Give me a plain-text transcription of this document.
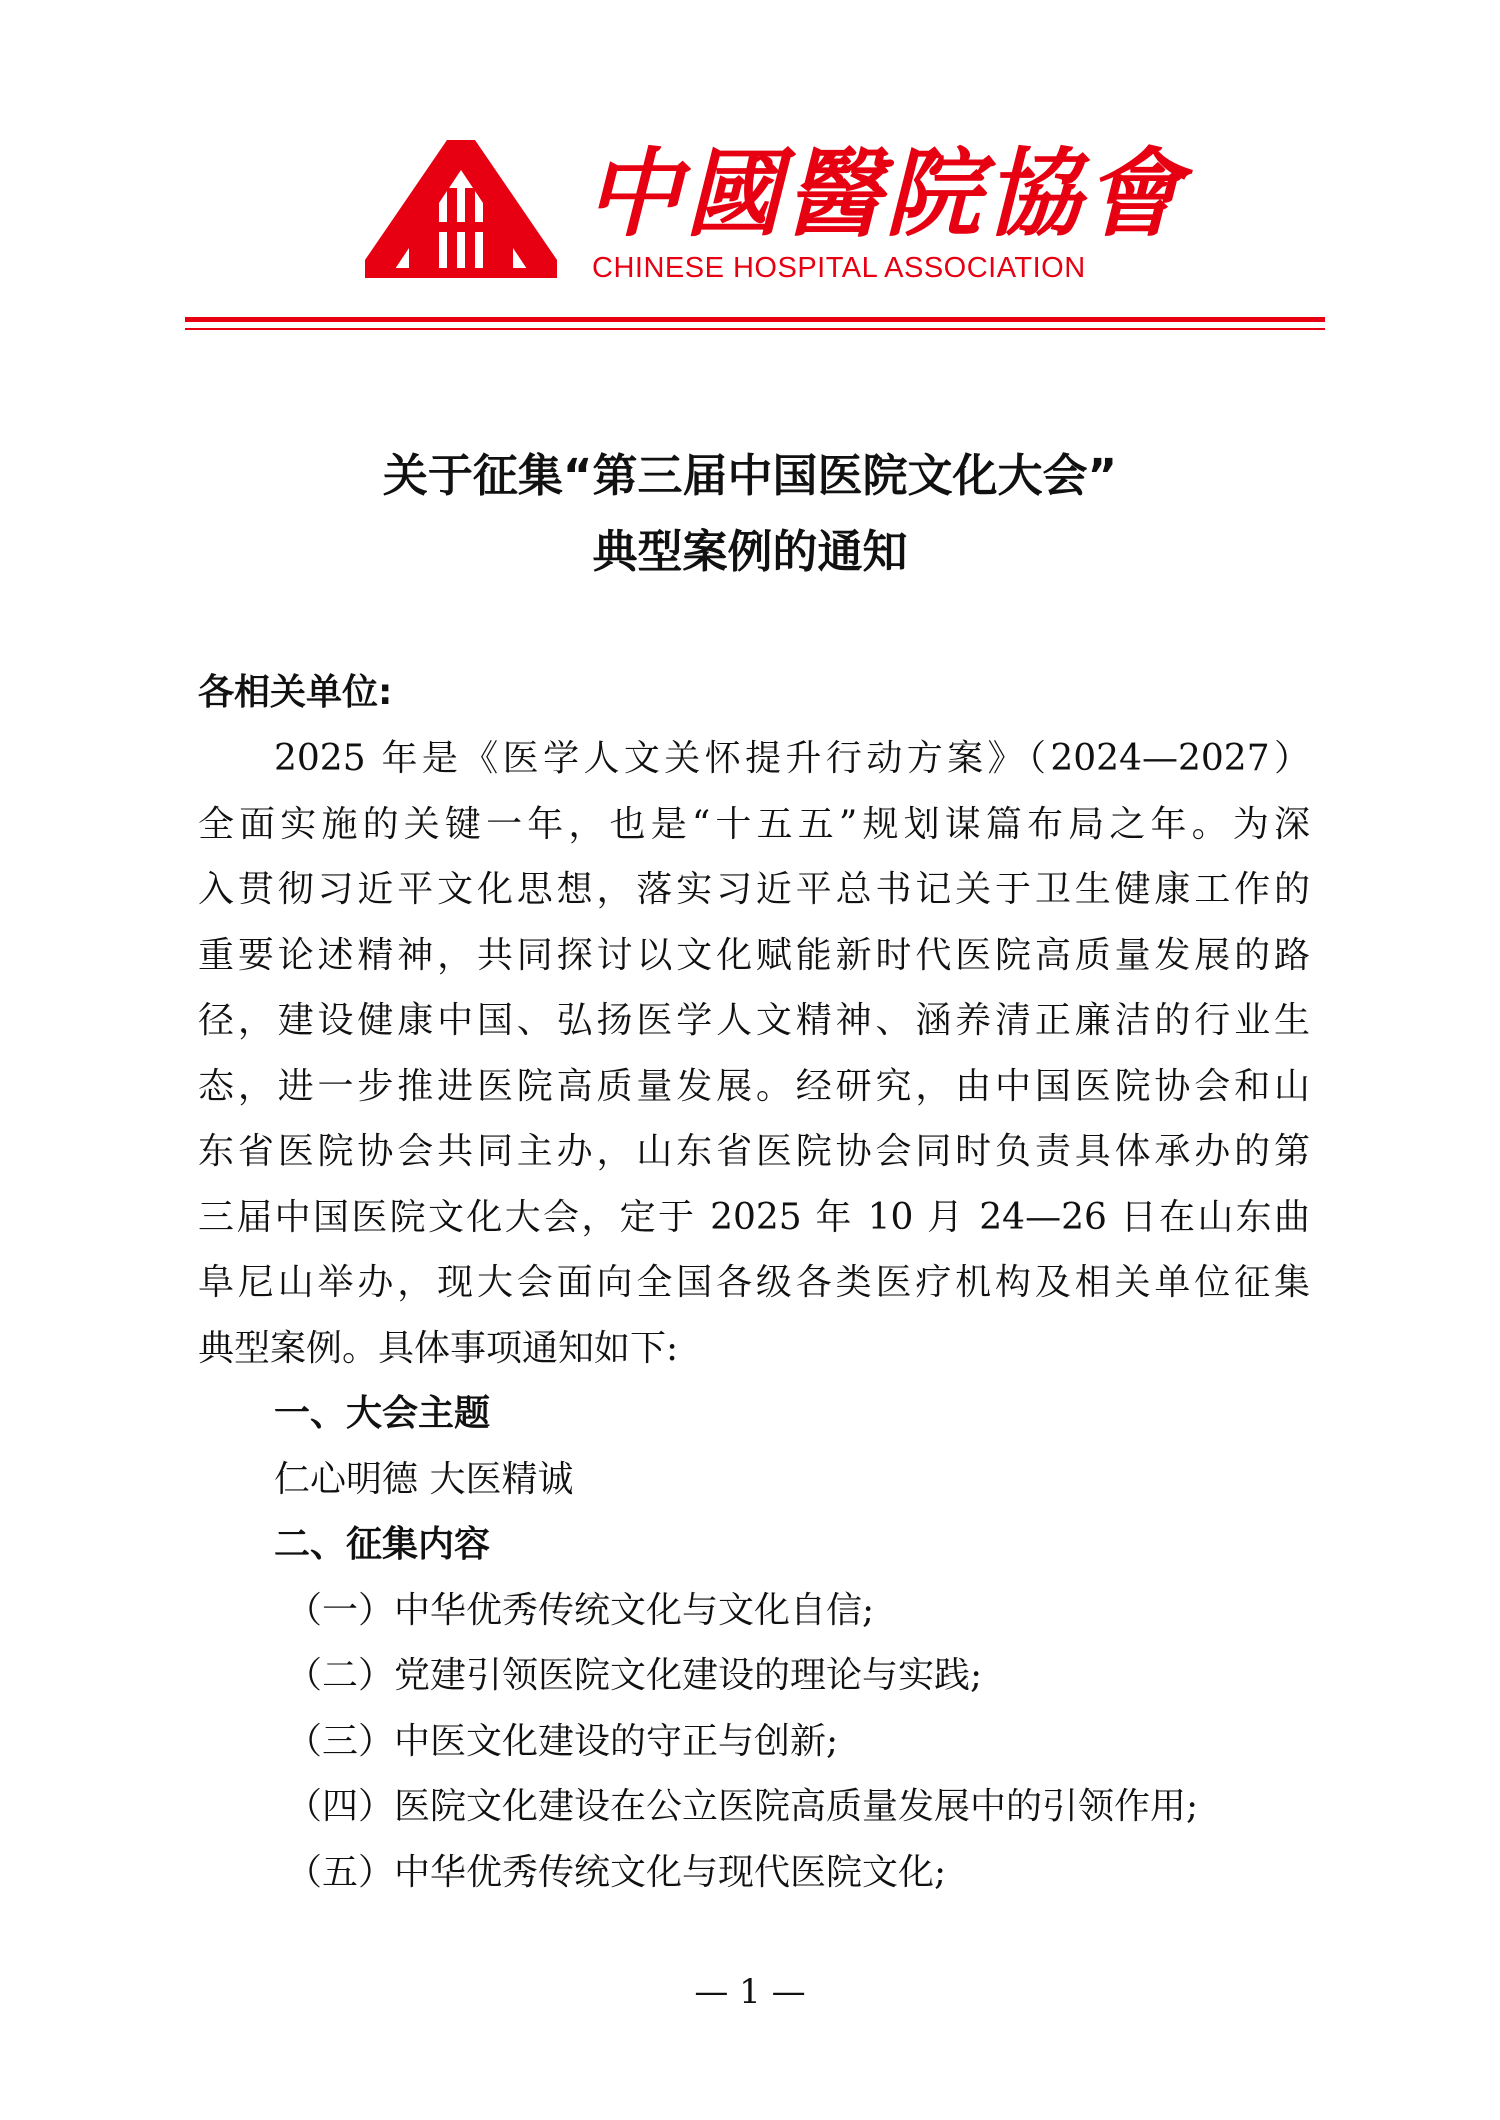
中國醫院協會
CHINESE HOSPITAL ASSOCIATION
关于征集“第三届中国医院文化大会”
典型案例的通知
各相关单位:
2025 年是《医学人文关怀提升行动方案》（2024—2027）
全面实施的关键一年，也是“十五五”规划谋篇布局之年。为深
入贯彻习近平文化思想，落实习近平总书记关于卫生健康工作的
重要论述精神，共同探讨以文化赋能新时代医院高质量发展的路
径，建设健康中国、弘扬医学人文精神、涵养清正廉洁的行业生
态，进一步推进医院高质量发展。经研究，由中国医院协会和山
东省医院协会共同主办，山东省医院协会同时负责具体承办的第
三届中国医院文化大会，定于 2025 年 10 月 24—26 日在山东曲
阜尼山举办，现大会面向全国各级各类医疗机构及相关单位征集
典型案例。具体事项通知如下:
一、大会主题
仁心明德 大医精诚
二、征集内容
（一）中华优秀传统文化与文化自信;
（二）党建引领医院文化建设的理论与实践;
（三）中医文化建设的守正与创新;
（四）医院文化建设在公立医院高质量发展中的引领作用;
（五）中华优秀传统文化与现代医院文化;
— 1 —
